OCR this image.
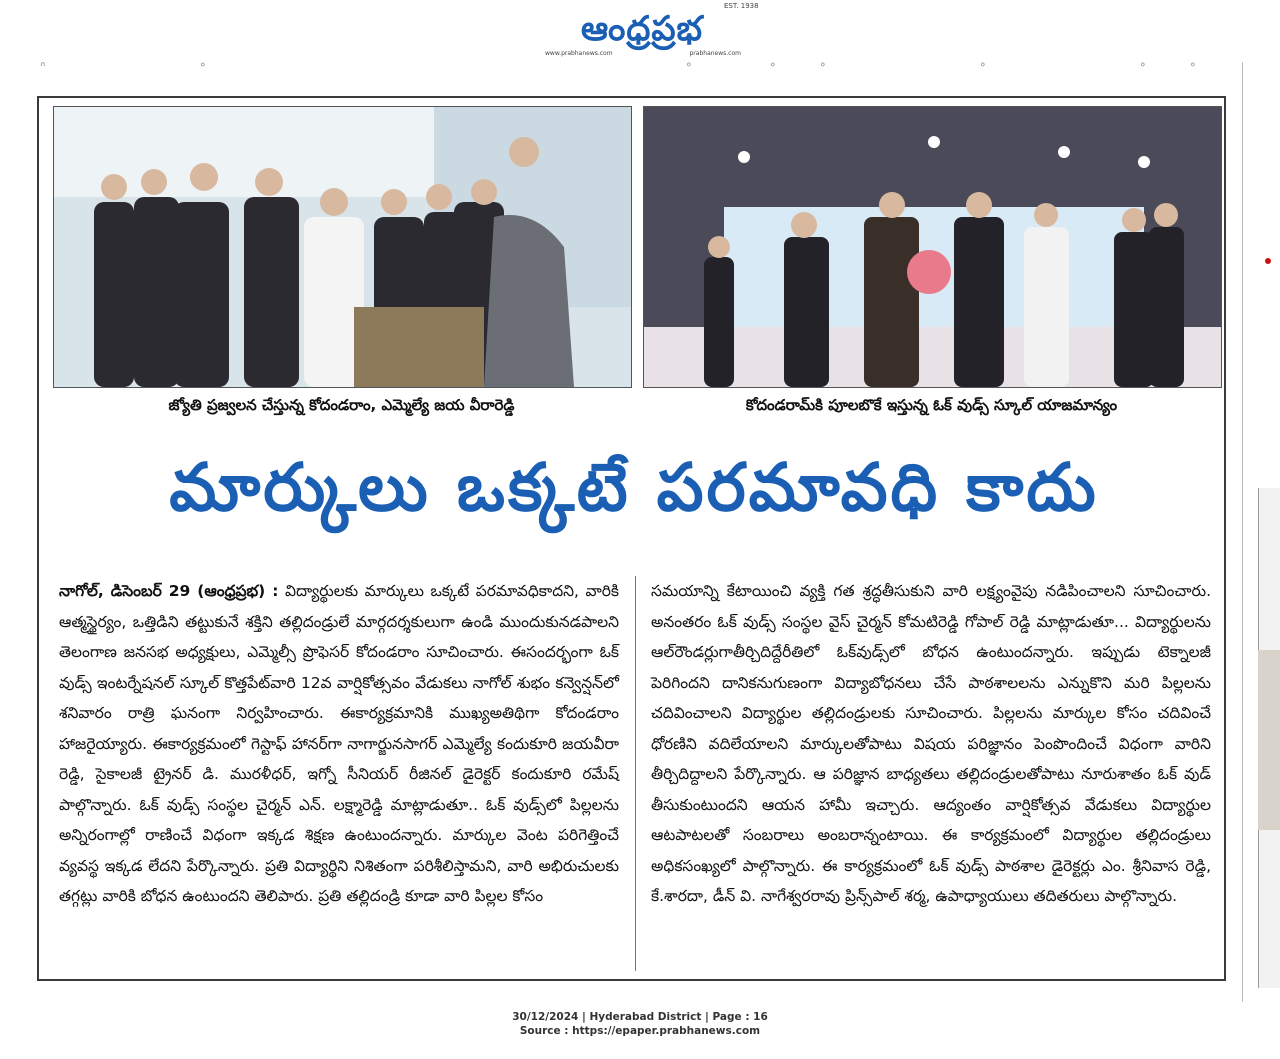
ఆంధ్రప్రభ
EST. 1938
www.prabhanews.com	prabhanews.com
ᐢ	ᐤ	ᐤ	ᐤ	ᐤ	ᐤ	ᐤ	ᐤ
జ్యోతి ప్రజ్వలన చేస్తున్న కోదండరాం, ఎమ్మెల్యే జయ వీరారెడ్డి	కోదండరామ్‌కి పూలబొకే ఇస్తున్న ఓక్ వుడ్స్ స్కూల్ యాజమాన్యం
మార్కులు ఒక్కటే పరమావధి కాదు
నాగోల్, డిసెంబర్ 29 (ఆంధ్రప్రభ) : విద్యార్థులకు మార్కులు ఒక్కటే పరమావధికాదని, వారికి ఆత్మస్థైర్యం, ఒత్తిడిని తట్టుకునే శక్తిని తల్లిదండ్రులే మార్గదర్శకులుగా ఉండి ముందుకునడపాలని తెలంగాణ జనసభ అధ్యక్షులు, ఎమ్మెల్సీ ప్రొఫెసర్ కోదండరాం సూచించారు. ఈసందర్భంగా ఓక్ వుడ్స్ ఇంటర్నేషనల్ స్కూల్ కొత్తపేట్‌వారి 12వ వార్షికోత్సవం వేడుకలు నాగోల్ శుభం కన్వెన్షన్‌లో శనివారం రాత్రి ఘనంగా నిర్వహించారు. ఈకార్యక్రమానికి ముఖ్యఅతిథిగా కోదండరాం హాజరైయ్యారు. ఈకార్యక్రమంలో గెస్టాఫ్ హానర్‌గా నాగార్జునసాగర్ ఎమ్మెల్యే కందుకూరి జయవీరా రెడ్డి, సైకాలజీ ట్రైనర్ డి. మురళీధర్, ఇగ్నో సీనియర్ రీజినల్ డైరెక్టర్ కందుకూరి రమేష్ పాల్గొన్నారు. ఓక్ వుడ్స్ సంస్థల చైర్మన్ ఎన్. లక్ష్మారెడ్డి మాట్లాడుతూ.. ఓక్ వుడ్స్‌లో పిల్లలను అన్నిరంగాల్లో రాణించే విధంగా ఇక్కడ శిక్షణ ఉంటుందన్నారు. మార్కుల వెంట పరిగెత్తించే వ్యవస్థ ఇక్కడ లేదని పేర్కొన్నారు. ప్రతి విద్యార్థిని నిశితంగా పరిశీలిస్తామని, వారి అభిరుచులకు తగ్గట్లు వారికి బోధన ఉంటుందని తెలిపారు. ప్రతి తల్లిదండ్రి కూడా వారి పిల్లల కోసం
సమయాన్ని కేటాయించి వ్యక్తి గత శ్రద్ధతీసుకుని వారి లక్ష్యంవైపు నడిపించాలని సూచించారు. అనంతరం ఓక్ వుడ్స్ సంస్థల వైస్ చైర్మన్ కోమటిరెడ్డి గోపాల్ రెడ్డి మాట్లాడుతూ... విద్యార్థులను ఆల్‌రౌండర్లుగాతీర్చిదిద్దేరీతిలో ఓక్‌వుడ్స్‌లో బోధన ఉంటుందన్నారు. ఇప్పుడు టెక్నాలజీ పెరిగిందని దానికనుగుణంగా విద్యాబోధనలు చేసే పాఠశాలలను ఎన్నుకొని మరి పిల్లలను చదివించాలని విద్యార్థుల తల్లిదండ్రులకు సూచించారు. పిల్లలను మార్కుల కోసం చదివించే ధోరణిని వదిలేయాలని మార్కులతోపాటు విషయ పరిజ్ఞానం పెంపొందించే విధంగా వారిని తీర్చిదిద్దాలని పేర్కొన్నారు. ఆ పరిజ్ఞాన బాధ్యతలు తల్లిదండ్రులతోపాటు నూరుశాతం ఓక్ వుడ్ తీసుకుంటుందని ఆయన హామీ ఇచ్చారు. ఆద్యంతం వార్షికోత్సవ వేడుకలు విద్యార్థుల ఆటపాటలతో సంబరాలు అంబరాన్నంటాయి. ఈ కార్యక్రమంలో విద్యార్థుల తల్లిదండ్రులు అధికసంఖ్యలో పాల్గొన్నారు. ఈ కార్యక్రమంలో ఓక్ వుడ్స్ పాఠశాల డైరెక్టర్లు ఎం. శ్రీనివాస రెడ్డి, కే.శారదా, డీన్ వి. నాగేశ్వరరావు ప్రిన్స్‌పాల్ శర్మ, ఉపాధ్యాయులు తదితరులు పాల్గొన్నారు.
30/12/2024 | Hyderabad District | Page : 16
Source : https://epaper.prabhanews.com
